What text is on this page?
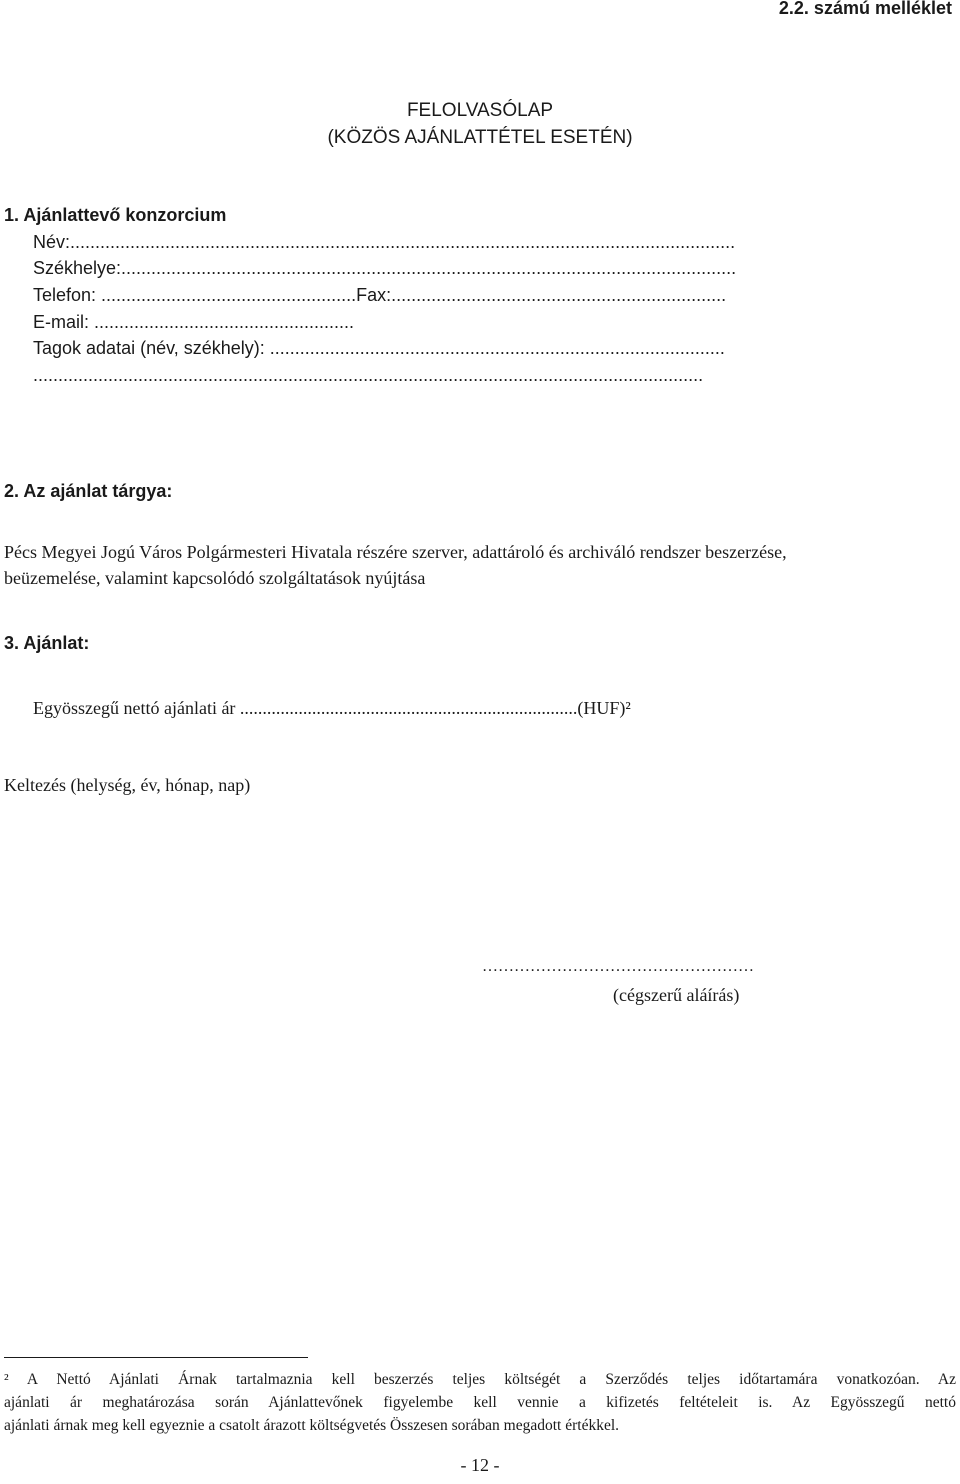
2.2. számú melléklet
FELOLVASÓLAP
(KÖZÖS AJÁNLATTÉTEL ESETÉN)
1. Ajánlattevő konzorcium
Név:.....................................................................................................................................
Székhelye:...........................................................................................................................
Telefon: ...................................................Fax:...................................................................
E-mail: ....................................................
Tagok adatai (név, székhely): ...........................................................................................
......................................................................................................................................
2. Az ajánlat tárgya:
Pécs Megyei Jogú Város Polgármesteri Hivatala részére szerver, adattároló és archiváló rendszer beszerzése,
beüzemelése, valamint kapcsolódó szolgáltatások nyújtása
3. Ajánlat:
Egyösszegű nettó ajánlati ár ...........................................................................(HUF)²
Keltezés (helység, év, hónap, nap)
……………………………………………
(cégszerű aláírás)
² A Nettó Ajánlati Árnak tartalmaznia kell beszerzés teljes költségét a Szerződés teljes időtartamára vonatkozóan. Az
ajánlati ár meghatározása során Ajánlattevőnek figyelembe kell vennie a kifizetés feltételeit is. Az Egyösszegű nettó
ajánlati árnak meg kell egyeznie a csatolt árazott költségvetés Összesen sorában megadott értékkel.
- 12 -
